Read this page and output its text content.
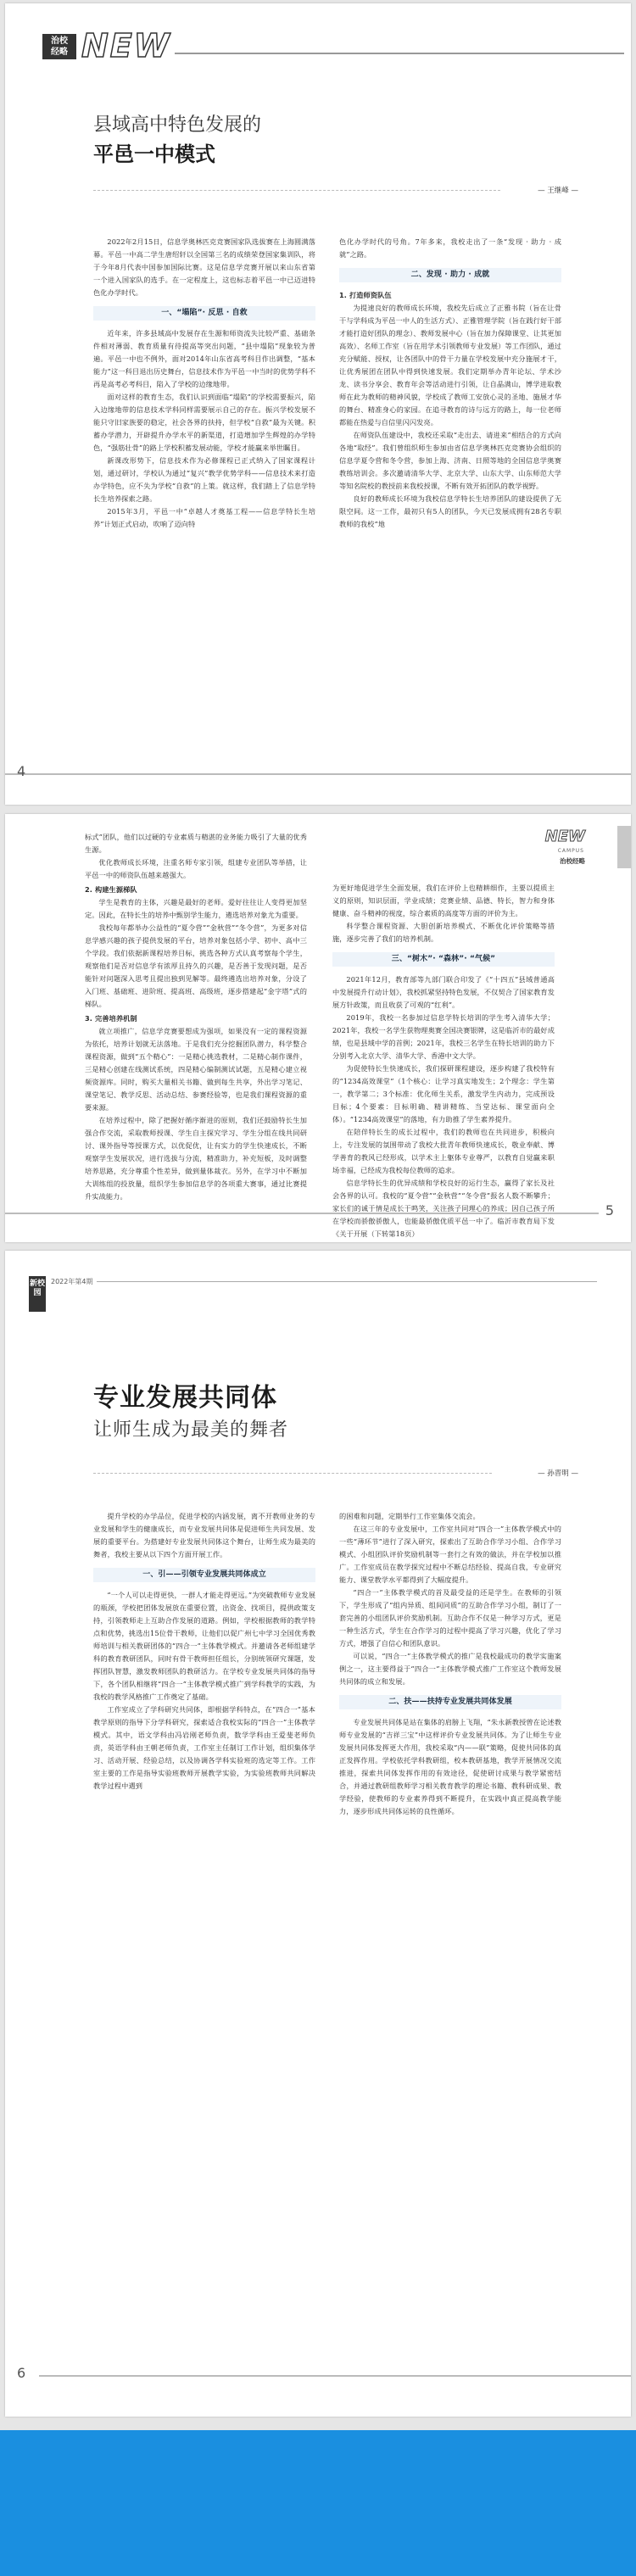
治校
经略 NEW
县域高中特色发展的
平邑一中模式
— 王继峰 —

2022年2月15日，信息学奥林匹克竞赛国家队选拔赛在上海圆满落幕。平邑一中高二学生唐绍轩以全国第三名的成绩荣登国家集训队，将于今年8月代表中国参加国际比赛。这是信息学竞赛开展以来山东省第一个进入国家队的选手。在一定程度上，这也标志着平邑一中已迈进特色化办学时代。

一、“塌陷”· 反思 · 自救

近年来，许多县域高中发展存在生源和师资流失比较严重、基础条件相对薄弱、教育质量有待提高等突出问题，“县中塌陷”现象较为普遍。平邑一中也不例外，面对2014年山东省高考科目作出调整，“基本能力”这一科目退出历史舞台，信息技术作为平邑一中当时的优势学科不再是高考必考科目，陷入了学校的边缘地带。

面对这样的教育生态，我们认识到面临“塌陷”的学校需要振兴，陷入边缘地带的信息技术学科同样需要展示自己的存在。振兴学校发展不能只守旧家族要的稳定，社会各界的扶持，但学校“自救”最为关键。积蓄办学潜力，开辟提升办学水平的新渠道，打造增加学生辉煌的办学特色，“强筋壮骨”的路上学校积蓄发展动能，学校才能赢来举世瞩目。

新课改形势下，信息技术作为必修课程已正式纳入了国家课程计划，通过研讨，学校认为通过“复兴”教学优势学科——信息技术来打造办学特色，应不失为学校“自救”的上策。就这样，我们踏上了信息学特长生培养探索之路。

2015年3月，平邑一中“卓越人才奠基工程——信息学特长生培养”计划正式启动，吹响了迈向特

色化办学时代的号角。7年多来，我校走出了一条“发现 · 助力 · 成就”之路。

二、发现 · 助力 · 成就

1. 打造师资队伍

为提速良好的教师成长环境，我校先后成立了正雅书院（旨在让骨干与学科成为平邑一中人的生活方式）、正雅管理学院（旨在践行好干部才能打造好团队的理念）、教师发展中心（旨在加力保障课堂、让其更加高效）、名师工作室（旨在用学术引领教师专业发展）等工作团队，通过充分赋能、授权，让各团队中的骨干力量在学校发展中充分施展才干，让优秀展团在团队中得到快速发展。我们定期举办青年论坛、学术沙龙、读书分享会、教育年会等活动进行引领，让自晶满山，博学进取教师在此为教师的精神风貌，学校成了教师工安放心灵的圣地、施展才华的舞台、精准身心的家园。在追寻教育的诗与远方的路上，每一位老师都能在热爱与自信里闪闪发亮。

在师资队伍建设中，我校还采取“走出去、请进来”相结合的方式向各地“取经”。我们曾组织师生参加由省信息学奥林匹克竞赛协会组织的信息学夏令营和冬令营，参加上海、济南、日照等地的全国信息学奥赛教练培训会。多次邀请清华大学、北京大学、山东大学、山东师范大学等知名院校的教授前来我校授课，不断有效开拓团队的教学视野。

良好的教师成长环境为我校信息学特长生培养团队的建设提供了无限空间。这一工作，最初只有5人的团队，今天已发展成拥有28名专职教师的我校“地

4
NEW
CAMPUS
治校经略

标式”团队，他们以过硬的专业素质与精湛的业务能力吸引了大量的优秀生源。

优化教师成长环境，注重名师专家引领，组建专业团队等举措，让平邑一中的师资队伍越来越强大。

2. 构建生源梯队

学生是教育的主体，兴趣是最好的老师。爱好往往让人变得更加坚定。因此，在特长生的培养中甄别学生能力，遴选培养对象尤为重要。

我校每年都举办公益性的“夏令营”“金秋营”“冬令营”，为更多对信息学感兴趣的孩子提供发展的平台，培养对象包括小学、初中、高中三个学段。我们依据新课程培养目标，挑选各种方式认真考察每个学生，观察他们是否对信息学有浓厚且持久的兴趣，是否善于发现问题，是否能针对问题深入思考且提出独到见解等。最终遴选出培养对象，分设了入门班、基础班、进阶班、提高班、高级班，逐步搭建起“金字塔”式的梯队。

3. 完善培养机制

就立项推广，信息学竞赛要想成为强项，如果没有一定的课程资源为依托，培养计划就无法落地。于是我们充分挖掘团队潜力，科学整合课程资源，做到“五个精心”：一是精心挑选教材，二是精心制作课件，三是精心创建在线测试系统，四是精心编制测试试题，五是精心建立视频资源库。同时，购买大量相关书籍、做到每生共享，外出学习笔记、课堂笔记、教学反思、活动总结、参赛经验等，也是我们课程资源的重要来源。

在培养过程中，除了把握好循序渐进的原则，我们还鼓励特长生加强合作交流，采取教师授课、学生自主探究学习、学生分组在线共同研讨、课外指导等授课方式，以优促优，让有实力的学生快速成长，不断观察学生发展状况，进行选拔与分流，精准助力，补充短板，及时调整培养思路，充分尊重个性差异，做到量体裁衣。另外，在学习中不断加大训练组的投放量，组织学生参加信息学的各项重大赛事，通过比赛提升实战能力。

为更好地促进学生全面发展，我们在评价上也精耕细作，主要以提质主义的原则，知识层面，学业成绩；竞赛业绩、品德、特长，智力和身体健康、奋斗精神的视度，综合素质的高度等方面的评价为主。

科学整合课程资源、大胆创新培养模式、不断优化评价策略等措施，逐步完善了我们的培养机制。

三、“树木”· “森林”· “气候”

2021年12月，教育部等九部门联合印发了《“十四五”县域普通高中发展提升行动计划》，我校抓紧坚持特色发展，不仅契合了国家教育发展方针政策，而且收获了可观的“红利”。

2019年，我校一名参加过信息学特长培训的学生考入清华大学；2021年，我校一名学生获物理奥赛全国决赛银牌，这是临沂市的最好成绩，也是县域中学的首例；2021年，我校三名学生在特长培训的助力下分别考入北京大学、清华大学、香港中文大学。

为促使特长生快速成长，我们探研课程建设，逐步构建了我校特有的“1234高效课堂”（1个核心：让学习真实地发生；2个理念：学生第一，教学第二；3个标准：优化师生关系，激发学生内动力，完成预设目标；4个要素：目标明确、精讲精练、当堂达标、课堂面向全体）。“1234高效课堂”的落地，有力助推了学生素养提升。

在陪伴特长生的成长过程中，我们的教师也在共同进步，积极向上，专注发展的氛围带动了我校大批青年教师快速成长，敬业奉献、博学善育的教风已经形成，以学术主上躯体专业尊严，以教育自觉赢来职场幸福，已经成为我校每位教师的追求。

信息学特长生的优异成绩和学校良好的运行生态，赢得了家长及社会各界的认可。我校的“夏令营”“金秋营”“冬令营”报名人数不断攀升；家长们的诚于情是成长于鸣笑，关注孩子同理心的养成；因自己孩子所在学校而骄傲骄傲人，也能最骄傲优质平邑一中了。临沂市教育局下发《关于开展（下转第18页）

5
新校园
2022年第4期
专业发展共同体
让师生成为最美的舞者
— 孙晋明 —

提升学校的办学品位，促进学校的内涵发展，离不开教师业务的专业发展和学生的健康成长，而专业发展共同体是促进师生共同发展、发展的重要平台。为搭建好专业发展共同体这个舞台，让师生成为最美的舞者，我校主要从以下四个方面开展工作。

一、引——引领专业发展共同体成立

“一个人可以走得更快，一群人才能走得更远。”为突破教师专业发展的瓶颈，学校把团体发展放在重要位置，出资金、找项目，提供政策支持，引领教师走上互助合作发展的道路。例如，学校根据教师的教学特点和优势，挑选出15位骨干教师，让他们以促广州七中学习全国优秀教师培训与相关教研团体的“四合一”主体教学模式。并邀请各老师组建学科的教育教研团队，同时有骨干教师担任组长，分别统领研究课题，发挥团队智慧，激发教师团队的教研活力。在学校专业发展共同体的指导下，各个团队相继将“四合一”主体教学模式推广到学科教学的实践，为我校的教学风格推广工作奠定了基础。

工作室成立了学科研究共同体，即根据学科特点，在“四合一”基本教学原则的指导下分学科研究，探索适合我校实际的“四合一”主体教学模式。其中，语文学科由冯岩刚老师负责，数学学科由王爱斐老师负责，英语学科由王朝老师负责，工作室主任制订工作计划，组织集体学习、活动开展、经验总结，以及协调各学科实验班的选定等工作。工作室主要的工作是指导实验班教师开展教学实验，为实验班教师共同解决教学过程中遇到

的困难和问题，定期举行工作室集体交流会。

在这三年的专业发展中，工作室共同对“四合一”主体教学模式中的一些“薄环节”进行了深入研究，探索出了互助合作学习小组、合作学习模式、小组团队评价奖励机制等一套行之有效的做法，并在学校加以推广。工作室成员在教学探究过程中不断总结经验、提高自我，专业研究能力、课堂教学水平都得到了大幅度提升。

“四合一”主体教学模式的首及最受益的还是学生。在教师的引领下，学生形成了“组内异质、组间同质”的互助合作学习小组，制订了一套完善的小组团队评价奖励机制。互助合作不仅是一种学习方式，更是一种生活方式，学生在合作学习的过程中提高了学习兴趣，优化了学习方式，增强了自信心和团队意识。

可以说，“四合一”主体教学模式的推广是我校最成功的教学实施案例之一，这主要得益于“四合一”主体教学模式推广工作室这个教师发展共同体的成立和发展。

二、扶——扶持专业发展共同体发展

专业发展共同体是站在集体的肩膀上飞翔，“朱永新教授曾在论述教师专业发展的“吉祥三宝”中这样评价专业发展共同体。为了让师生专业发展共同体发挥更大作用，我校采取“内——联”策略，促使共同体的真正发挥作用。学校依托学科教研组，校本教研基地，教学开展情况交流推进，探索共同体发挥作用的有效途径，促使研讨成果与教学紧密结合，并通过教研组教师学习相关教育教学的理论书籍、教科研成果、教学经验，使教师的专业素养得到不断提升，在实践中真正提高教学能力，逐步形成共同体运转的良性循环。

6
